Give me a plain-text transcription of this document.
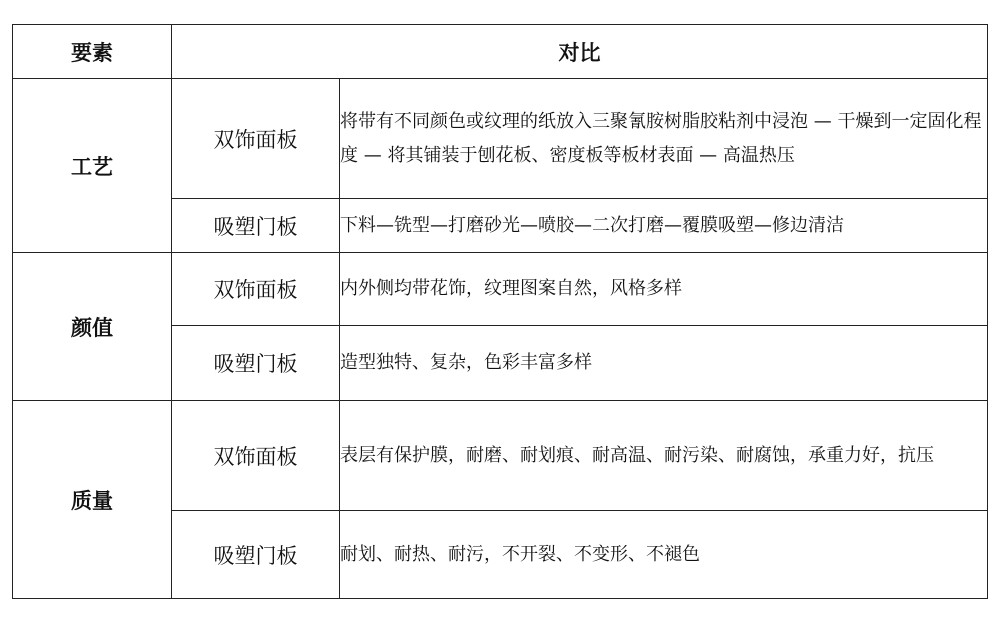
要素	对比	
工艺	双饰面板	将带有不同颜色或纹理的纸放入三聚氰胺树脂胶粘剂中浸泡 — 干燥到一定固化程度 — 将其铺装于刨花板、密度板等板材表面 — 高温热压
	吸塑门板	下料—铣型—打磨砂光—喷胶—二次打磨—覆膜吸塑—修边清洁
颜值	双饰面板	内外侧均带花饰，纹理图案自然，风格多样
	吸塑门板	造型独特、复杂，色彩丰富多样
质量	双饰面板	表层有保护膜，耐磨、耐划痕、耐高温、耐污染、耐腐蚀，承重力好，抗压
	吸塑门板	耐划、耐热、耐污，不开裂、不变形、不褪色
